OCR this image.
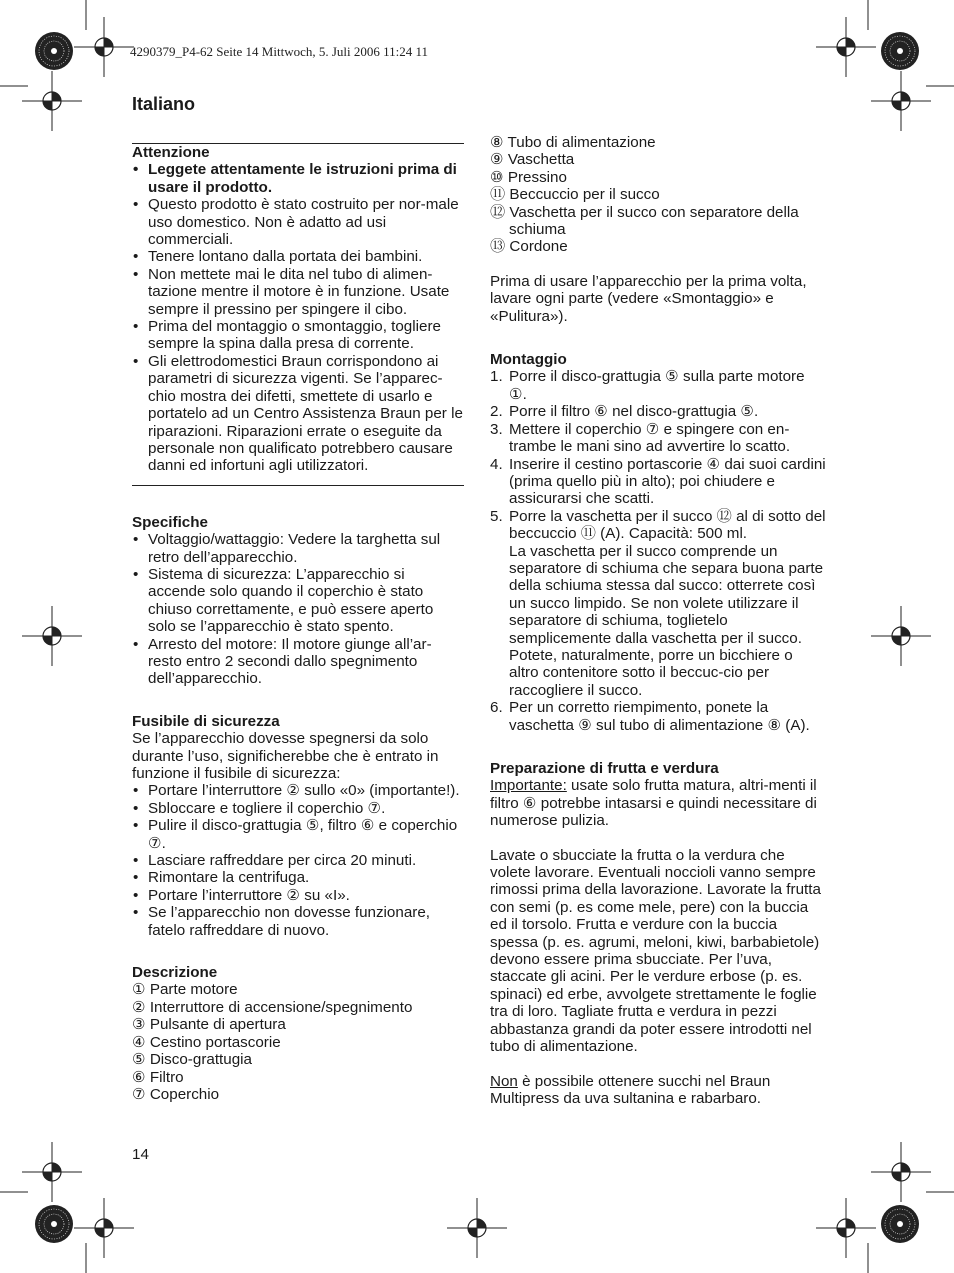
4290379_P4-62 Seite 14 Mittwoch, 5. Juli 2006 11:24 11
Italiano

Attenzione

• Leggete attentamente le istruzioni prima di usare il prodotto.
• Questo prodotto è stato costruito per nor-male uso domestico. Non è adatto ad usi commerciali.
• Tenere lontano dalla portata dei bambini.
• Non mettete mai le dita nel tubo di alimen-tazione mentre il motore è in funzione. Usate sempre il pressino per spingere il cibo.
• Prima del montaggio o smontaggio, togliere sempre la spina dalla presa di corrente.
• Gli elettrodomestici Braun corrispondono ai parametri di sicurezza vigenti. Se l’apparec-chio mostra dei difetti, smettete di usarlo e portatelo ad un Centro Assistenza Braun per le riparazioni. Riparazioni errate o eseguite da personale non qualificato potrebbero causare danni ed infortuni agli utilizzatori.

Specifiche

• Voltaggio/wattaggio: Vedere la targhetta sul retro dell’apparecchio.
• Sistema di sicurezza: L’apparecchio si accende solo quando il coperchio è stato chiuso correttamente, e può essere aperto solo se l’apparecchio è stato spento.
• Arresto del motore: Il motore giunge all’ar-resto entro 2 secondi dallo spegnimento dell’apparecchio.

Fusibile di sicurezza

Se l’apparecchio dovesse spegnersi da solo durante l’uso, significherebbe che è entrato in funzione il fusibile di sicurezza:

• Portare l’interruttore ② sullo «0» (importante!).
• Sbloccare e togliere il coperchio ⑦.
• Pulire il disco-grattugia ⑤, filtro ⑥ e coperchio ⑦.
• Lasciare raffreddare per circa 20 minuti.
• Rimontare la centrifuga.
• Portare l’interruttore ② su «I».
• Se l’apparecchio non dovesse funzionare, fatelo raffreddare di nuovo.

Descrizione

① Parte motore

② Interruttore di accensione/spegnimento

③ Pulsante di apertura

④ Cestino portascorie

⑤ Disco-grattugia

⑥ Filtro

⑦ Coperchio

⑧ Tubo di alimentazione

⑨ Vaschetta

⑩ Pressino

⑪ Beccuccio per il succo

⑫ Vaschetta per il succo con separatore della schiuma

⑬ Cordone

Prima di usare l’apparecchio per la prima volta, lavare ogni parte (vedere «Smontaggio» e «Pulitura»).

Montaggio

1. Porre il disco-grattugia ⑤ sulla parte motore ①.
2. Porre il filtro ⑥ nel disco-grattugia ⑤.
3. Mettere il coperchio ⑦ e spingere con en-trambe le mani sino ad avvertire lo scatto.
4. Inserire il cestino portascorie ④ dai suoi cardini (prima quello più in alto); poi chiudere e assicurarsi che scatti.
5. Porre la vaschetta per il succo ⑫ al di sotto del beccuccio ⑪ (A). Capacità: 500 ml.
La vaschetta per il succo comprende un separatore di schiuma che separa buona parte della schiuma stessa dal succo: otterrete così un succo limpido. Se non volete utilizzare il separatore di schiuma, toglietelo semplicemente dalla vaschetta per il succo. Potete, naturalmente, porre un bicchiere o altro contenitore sotto il beccuc-cio per raccogliere il succo.
6. Per un corretto riempimento, ponete la vaschetta ⑨ sul tubo di alimentazione ⑧ (A).

Preparazione di frutta e verdura

Importante: usate solo frutta matura, altri-menti il filtro ⑥ potrebbe intasarsi e quindi necessitare di numerose pulizia.

Lavate o sbucciate la frutta o la verdura che volete lavorare. Eventuali noccioli vanno sempre rimossi prima della lavorazione. Lavorate la frutta con semi (p. es come mele, pere) con la buccia ed il torsolo. Frutta e verdure con la buccia spessa (p. es. agrumi, meloni, kiwi, barbabietole) devono essere prima sbucciate. Per l’uva, staccate gli acini. Per le verdure erbose (p. es. spinaci) ed erbe, avvolgete strettamente le foglie tra di loro. Tagliate frutta e verdura in pezzi abbastanza grandi da poter essere introdotti nel tubo di alimentazione.

Non è possibile ottenere succhi nel Braun Multipress da uva sultanina e rabarbaro.

14
